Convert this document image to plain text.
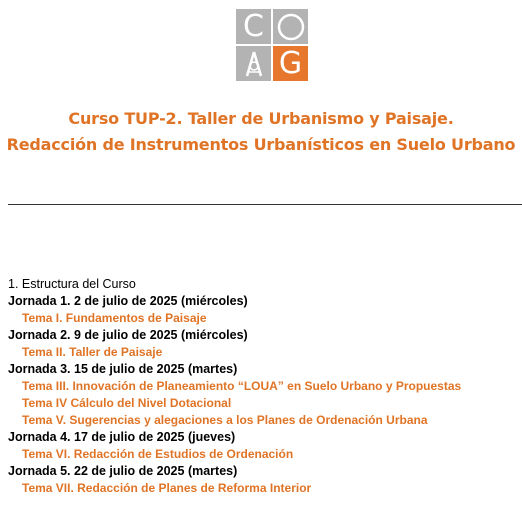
C
G
Curso TUP-2. Taller de Urbanismo y Paisaje.
Redacción de Instrumentos Urbanísticos en Suelo Urbano
1. Estructura del Curso
Jornada 1. 2 de julio de 2025 (miércoles)
Tema I. Fundamentos de Paisaje
Jornada 2. 9 de julio de 2025 (miércoles)
Tema II. Taller de Paisaje
Jornada 3. 15 de julio de 2025 (martes)
Tema III. Innovación de Planeamiento “LOUA” en Suelo Urbano y Propuestas
Tema IV Cálculo del Nivel Dotacional
Tema V. Sugerencias y alegaciones a los Planes de Ordenación Urbana
Jornada 4. 17 de julio de 2025 (jueves)
Tema VI. Redacción de Estudios de Ordenación
Jornada 5. 22 de julio de 2025 (martes)
Tema VII. Redacción de Planes de Reforma Interior
